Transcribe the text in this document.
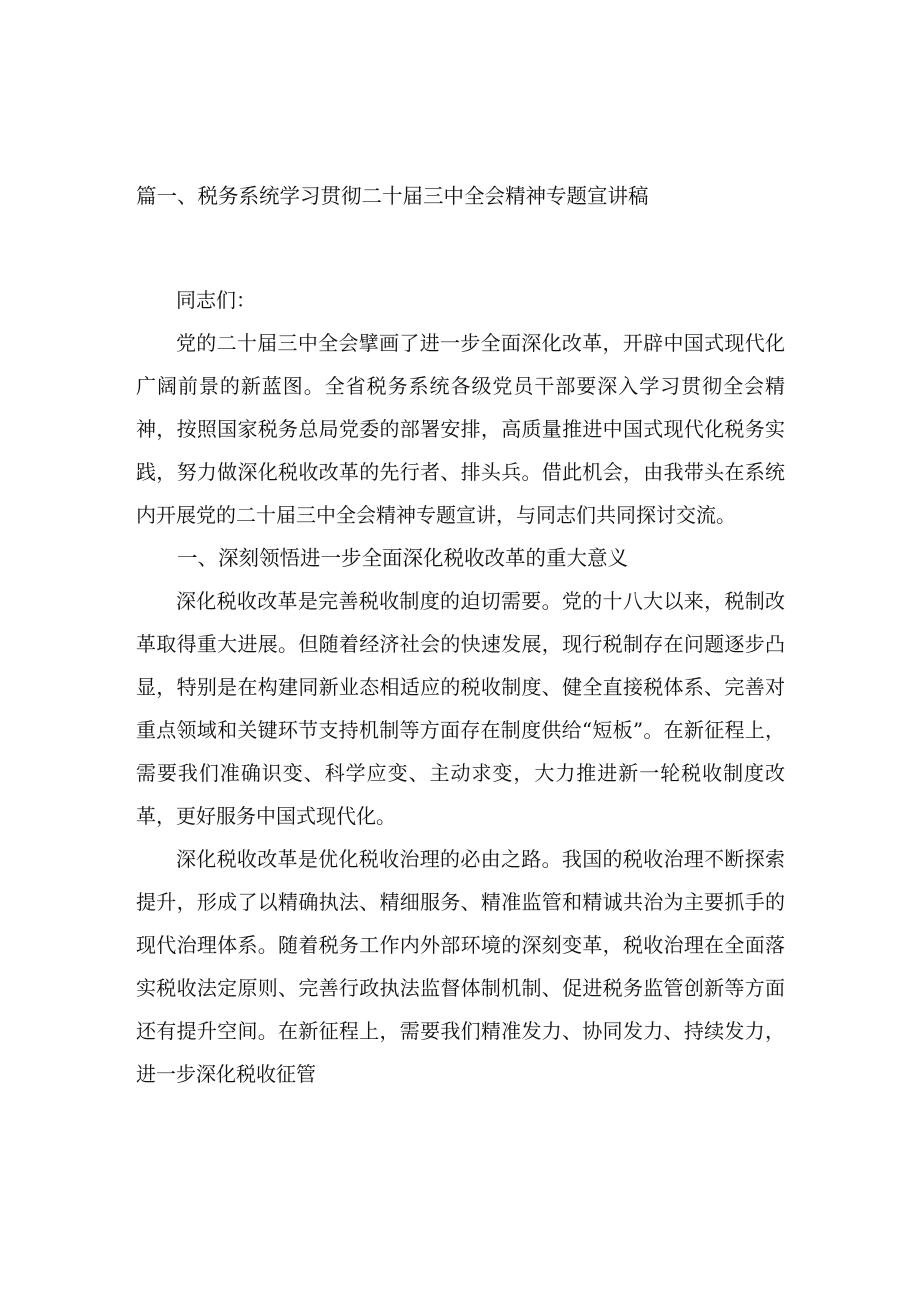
篇一、税务系统学习贯彻二十届三中全会精神专题宣讲稿

同志们：

党的二十届三中全会擘画了进一步全面深化改革，开辟中国式现代化广阔前景的新蓝图。全省税务系统各级党员干部要深入学习贯彻全会精神，按照国家税务总局党委的部署安排，高质量推进中国式现代化税务实践，努力做深化税收改革的先行者、排头兵。借此机会，由我带头在系统内开展党的二十届三中全会精神专题宣讲，与同志们共同探讨交流。

一、深刻领悟进一步全面深化税收改革的重大意义

深化税收改革是完善税收制度的迫切需要。党的十八大以来，税制改革取得重大进展。但随着经济社会的快速发展，现行税制存在问题逐步凸显，特别是在构建同新业态相适应的税收制度、健全直接税体系、完善对重点领域和关键环节支持机制等方面存在制度供给“短板”。在新征程上，需要我们准确识变、科学应变、主动求变，大力推进新一轮税收制度改革，更好服务中国式现代化。

深化税收改革是优化税收治理的必由之路。我国的税收治理不断探索提升，形成了以精确执法、精细服务、精准监管和精诚共治为主要抓手的现代治理体系。随着税务工作内外部环境的深刻变革，税收治理在全面落实税收法定原则、完善行政执法监督体制机制、促进税务监管创新等方面还有提升空间。在新征程上，需要我们精准发力、协同发力、持续发力，进一步深化税收征管
